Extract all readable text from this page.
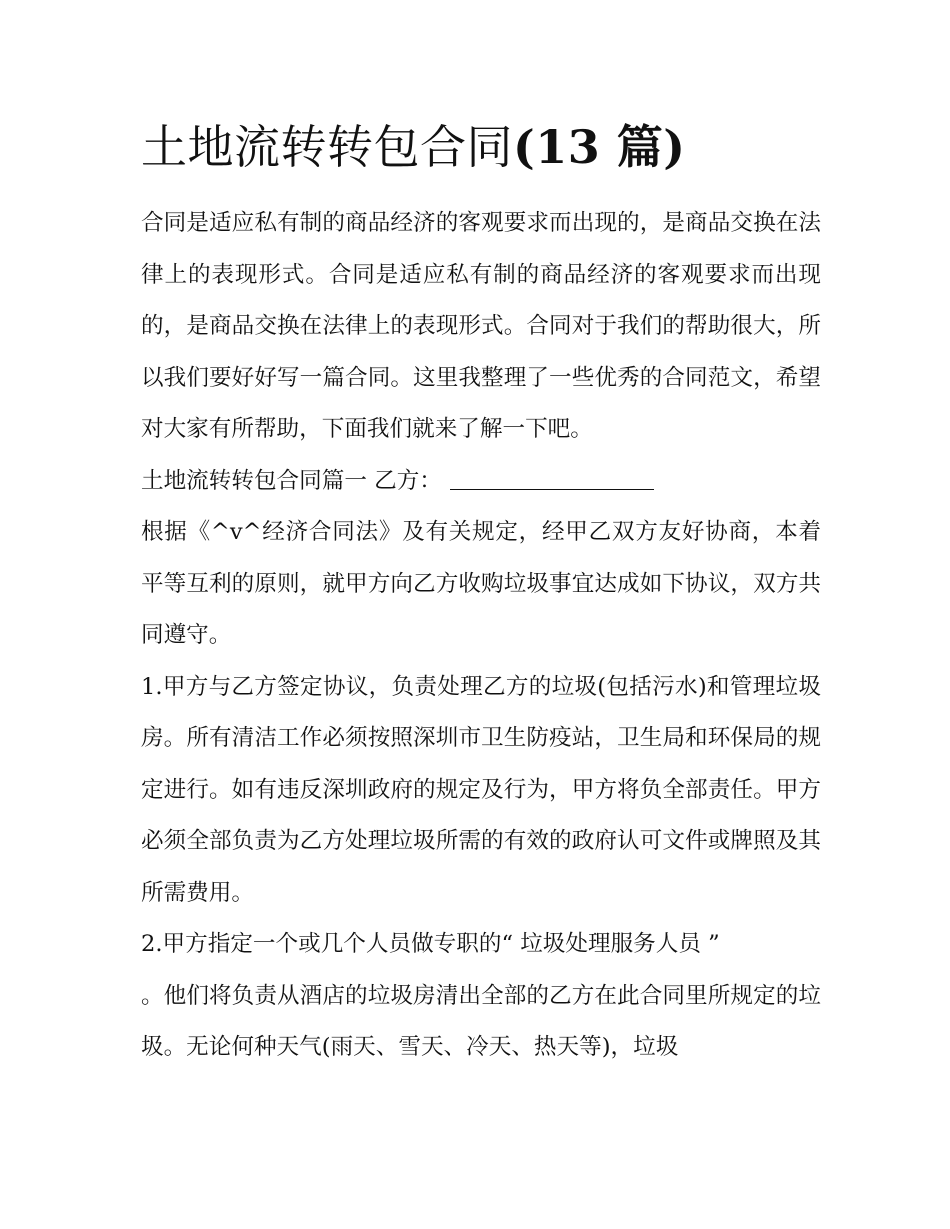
土地流转转包合同(13 篇)

合同是适应私有制的商品经济的客观要求而出现的，是商品交换在法律上的表现形式。合同是适应私有制的商品经济的客观要求而出现的，是商品交换在法律上的表现形式。合同对于我们的帮助很大，所以我们要好好写一篇合同。这里我整理了一些优秀的合同范文，希望对大家有所帮助，下面我们就来了解一下吧。

土地流转转包合同篇一 乙方：

根据《^v^经济合同法》及有关规定，经甲乙双方友好协商，本着平等互利的原则，就甲方向乙方收购垃圾事宜达成如下协议，双方共同遵守。

1.甲方与乙方签定协议，负责处理乙方的垃圾(包括污水)和管理垃圾房。所有清洁工作必须按照深圳市卫生防疫站，卫生局和环保局的规定进行。如有违反深圳政府的规定及行为，甲方将负全部责任。甲方必须全部负责为乙方处理垃圾所需的有效的政府认可文件或牌照及其所需费用。

2.甲方指定一个或几个人员做专职的“ 垃圾处理服务人员 ”

。他们将负责从酒店的垃圾房清出全部的乙方在此合同里所规定的垃圾。无论何种天气(雨天、雪天、冷天、热天等)，垃圾
